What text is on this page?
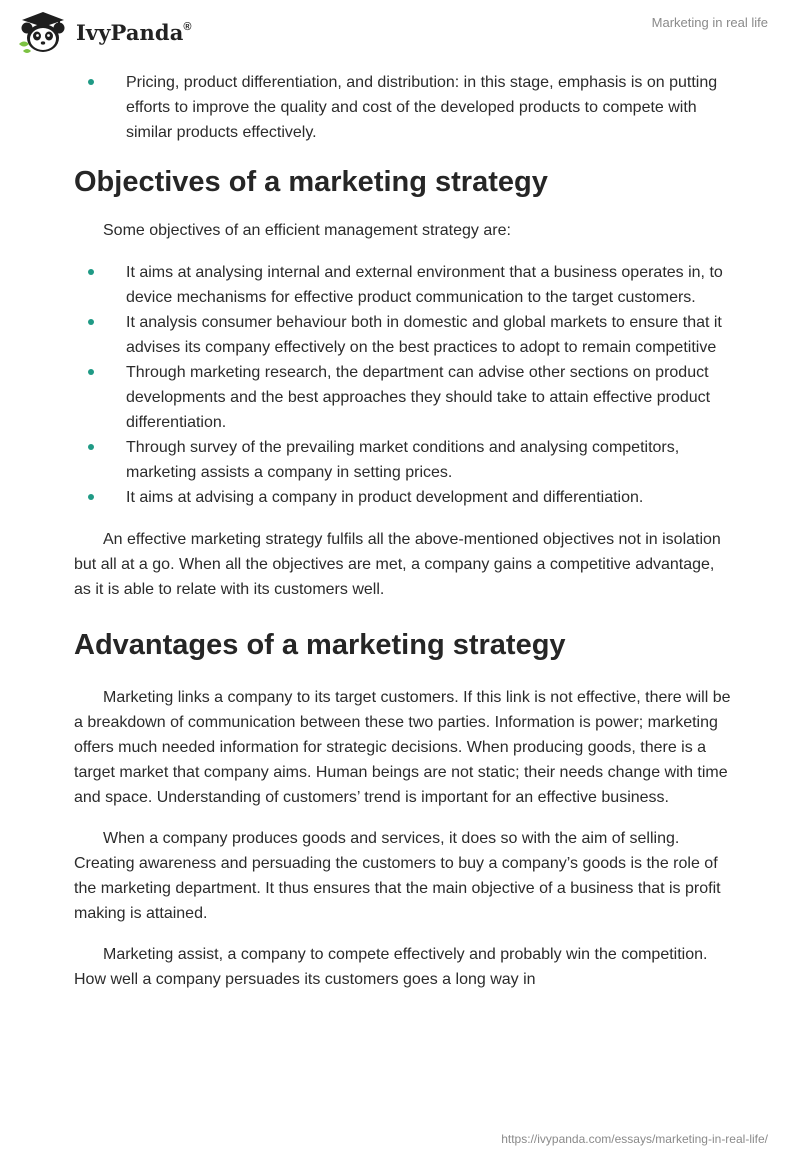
IvyPanda®	Marketing in real life
Pricing, product differentiation, and distribution: in this stage, emphasis is on putting efforts to improve the quality and cost of the developed products to compete with similar products effectively.
Objectives of a marketing strategy

Some objectives of an efficient management strategy are:

It aims at analysing internal and external environment that a business operates in, to device mechanisms for effective product communication to the target customers.
It analysis consumer behaviour both in domestic and global markets to ensure that it advises its company effectively on the best practices to adopt to remain competitive
Through marketing research, the department can advise other sections on product developments and the best approaches they should take to attain effective product differentiation.
Through survey of the prevailing market conditions and analysing competitors, marketing assists a company in setting prices.
It aims at advising a company in product development and differentiation.

An effective marketing strategy fulfils all the above-mentioned objectives not in isolation but all at a go. When all the objectives are met, a company gains a competitive advantage, as it is able to relate with its customers well.

Advantages of a marketing strategy

Marketing links a company to its target customers. If this link is not effective, there will be a breakdown of communication between these two parties. Information is power; marketing offers much needed information for strategic decisions. When producing goods, there is a target market that company aims. Human beings are not static; their needs change with time and space. Understanding of customers’ trend is important for an effective business.

When a company produces goods and services, it does so with the aim of selling. Creating awareness and persuading the customers to buy a company’s goods is the role of the marketing department. It thus ensures that the main objective of a business that is profit making is attained.

Marketing assist, a company to compete effectively and probably win the competition. How well a company persuades its customers goes a long way in

https://ivypanda.com/essays/marketing-in-real-life/
